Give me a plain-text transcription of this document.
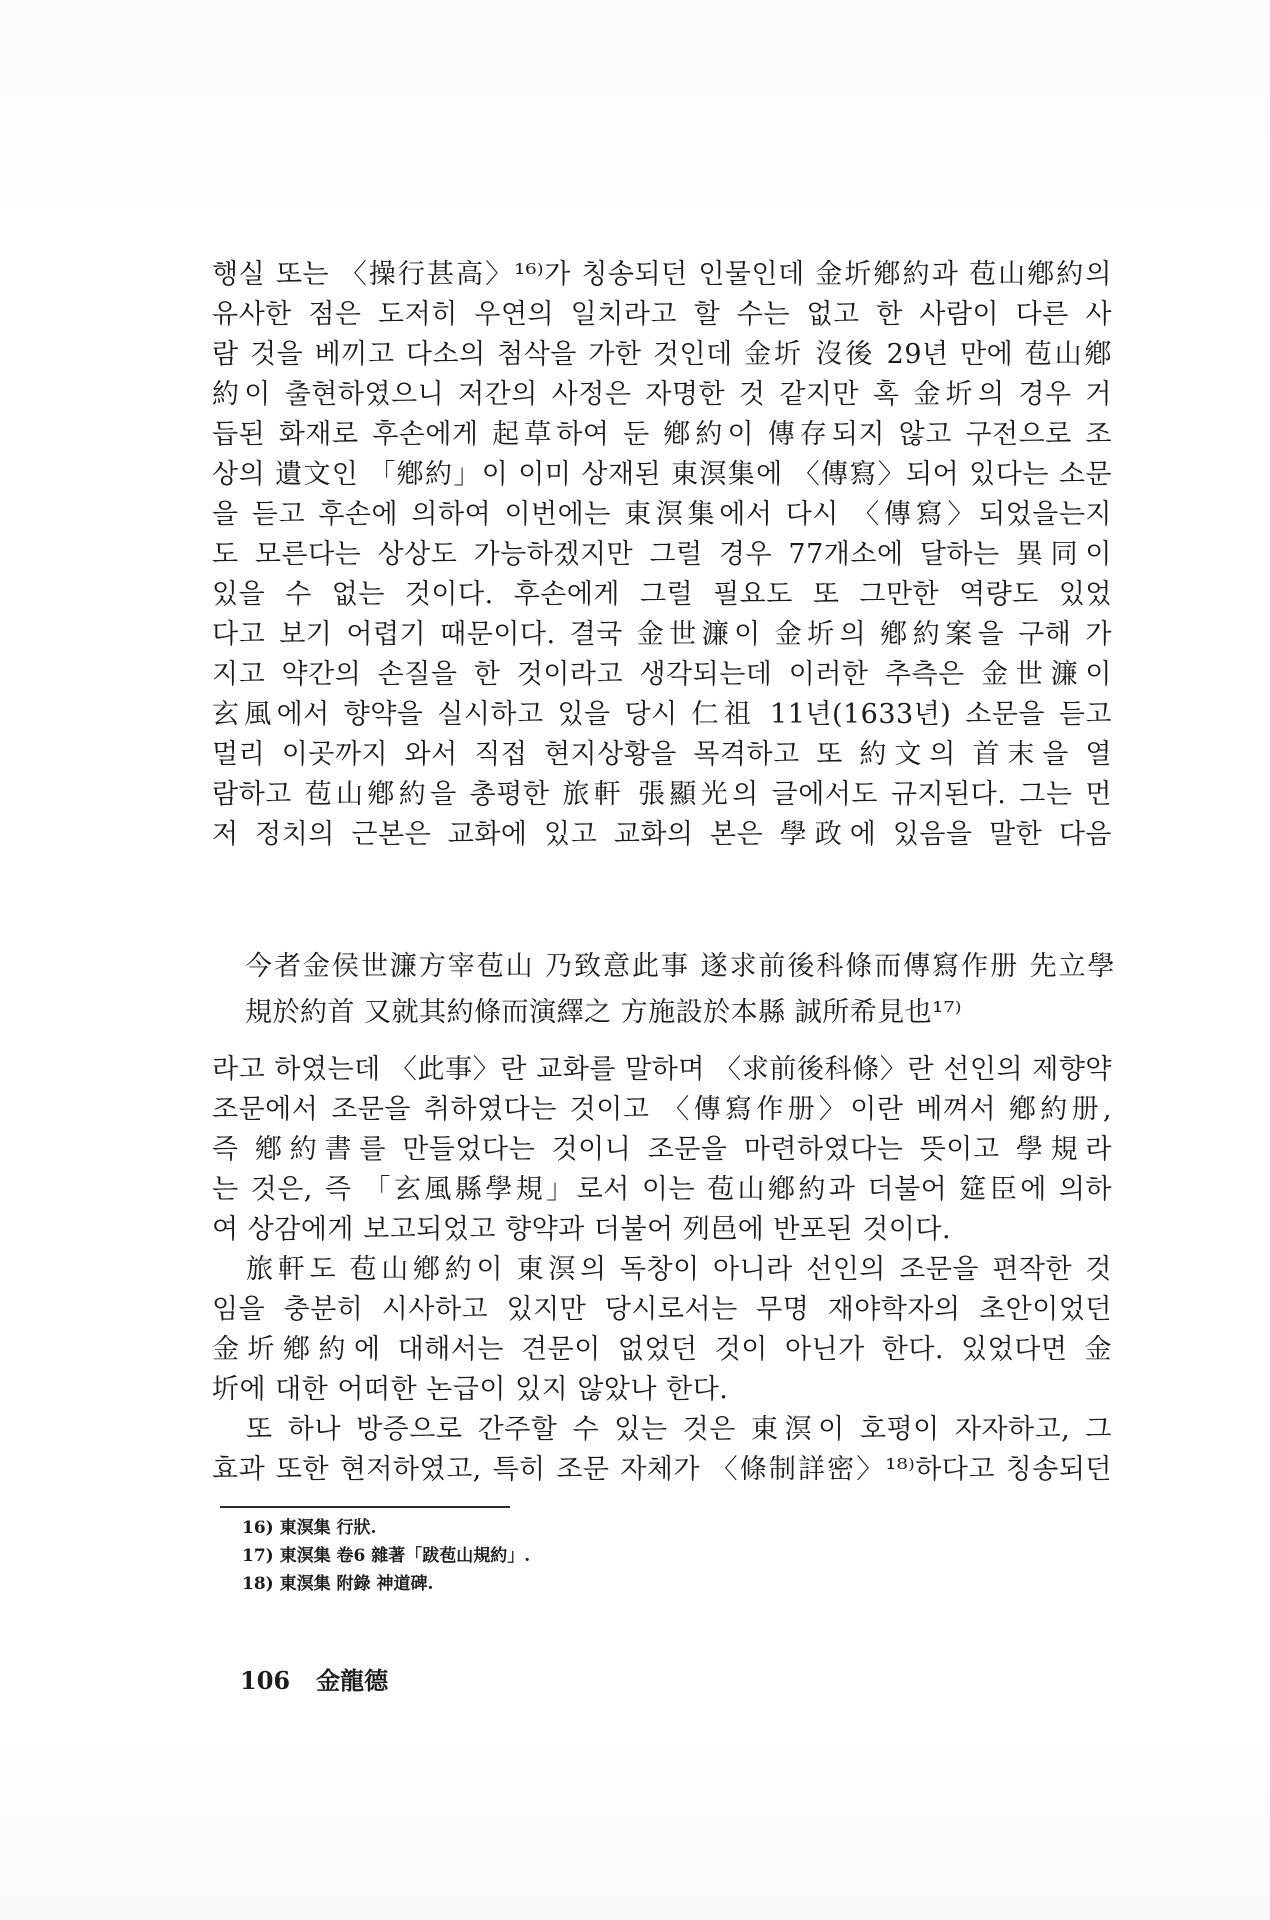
행실 또는 〈操行甚高〉¹⁶⁾가 칭송되던 인물인데 金圻鄕約과 苞山鄕約의
유사한 점은 도저히 우연의 일치라고 할 수는 없고 한 사람이 다른 사
람 것을 베끼고 다소의 첨삭을 가한 것인데 金圻 沒後 29년 만에 苞山鄕
約이 출현하였으니 저간의 사정은 자명한 것 같지만 혹 金圻의 경우 거
듭된 화재로 후손에게 起草하여 둔 鄕約이 傳存되지 않고 구전으로 조
상의 遺文인 「鄕約」이 이미 상재된 東溟集에 〈傳寫〉되어 있다는 소문
을 듣고 후손에 의하여 이번에는 東溟集에서 다시 〈傳寫〉되었을는지
도 모른다는 상상도 가능하겠지만 그럴 경우 77개소에 달하는 異同이
있을 수 없는 것이다. 후손에게 그럴 필요도 또 그만한 역량도 있었
다고 보기 어렵기 때문이다. 결국 金世濂이 金圻의 鄕約案을 구해 가
지고 약간의 손질을 한 것이라고 생각되는데 이러한 추측은 金世濂이
玄風에서 향약을 실시하고 있을 당시 仁祖 11년(1633년) 소문을 듣고
멀리 이곳까지 와서 직접 현지상황을 목격하고 또 約文의 首末을 열
람하고 苞山鄕約을 총평한 旅軒 張顯光의 글에서도 규지된다. 그는 먼
저 정치의 근본은 교화에 있고 교화의 본은 學政에 있음을 말한 다음
今者金侯世濂方宰苞山 乃致意此事 遂求前後科條而傳寫作册 先立學
規於約首 又就其約條而演繹之 方施設於本縣 誠所希見也¹⁷⁾
라고 하였는데 〈此事〉란 교화를 말하며 〈求前後科條〉란 선인의 제향약
조문에서 조문을 취하였다는 것이고 〈傳寫作册〉이란 베껴서 鄕約册,
즉 鄕約書를 만들었다는 것이니 조문을 마련하였다는 뜻이고 學規라
는 것은, 즉 「玄風縣學規」로서 이는 苞山鄕約과 더불어 筵臣에 의하
여 상감에게 보고되었고 향약과 더불어 列邑에 반포된 것이다.
旅軒도 苞山鄕約이 東溟의 독창이 아니라 선인의 조문을 편작한 것
임을 충분히 시사하고 있지만 당시로서는 무명 재야학자의 초안이었던
金圻鄕約에 대해서는 견문이 없었던 것이 아닌가 한다. 있었다면 金
圻에 대한 어떠한 논급이 있지 않았나 한다.
또 하나 방증으로 간주할 수 있는 것은 東溟이 호평이 자자하고, 그
효과 또한 현저하였고, 특히 조문 자체가 〈條制詳密〉¹⁸⁾하다고 칭송되던
16) 東溟集 行狀.
17) 東溟集 卷6 雜著「跋苞山規約」.
18) 東溟集 附錄 神道碑.
106 金龍德
